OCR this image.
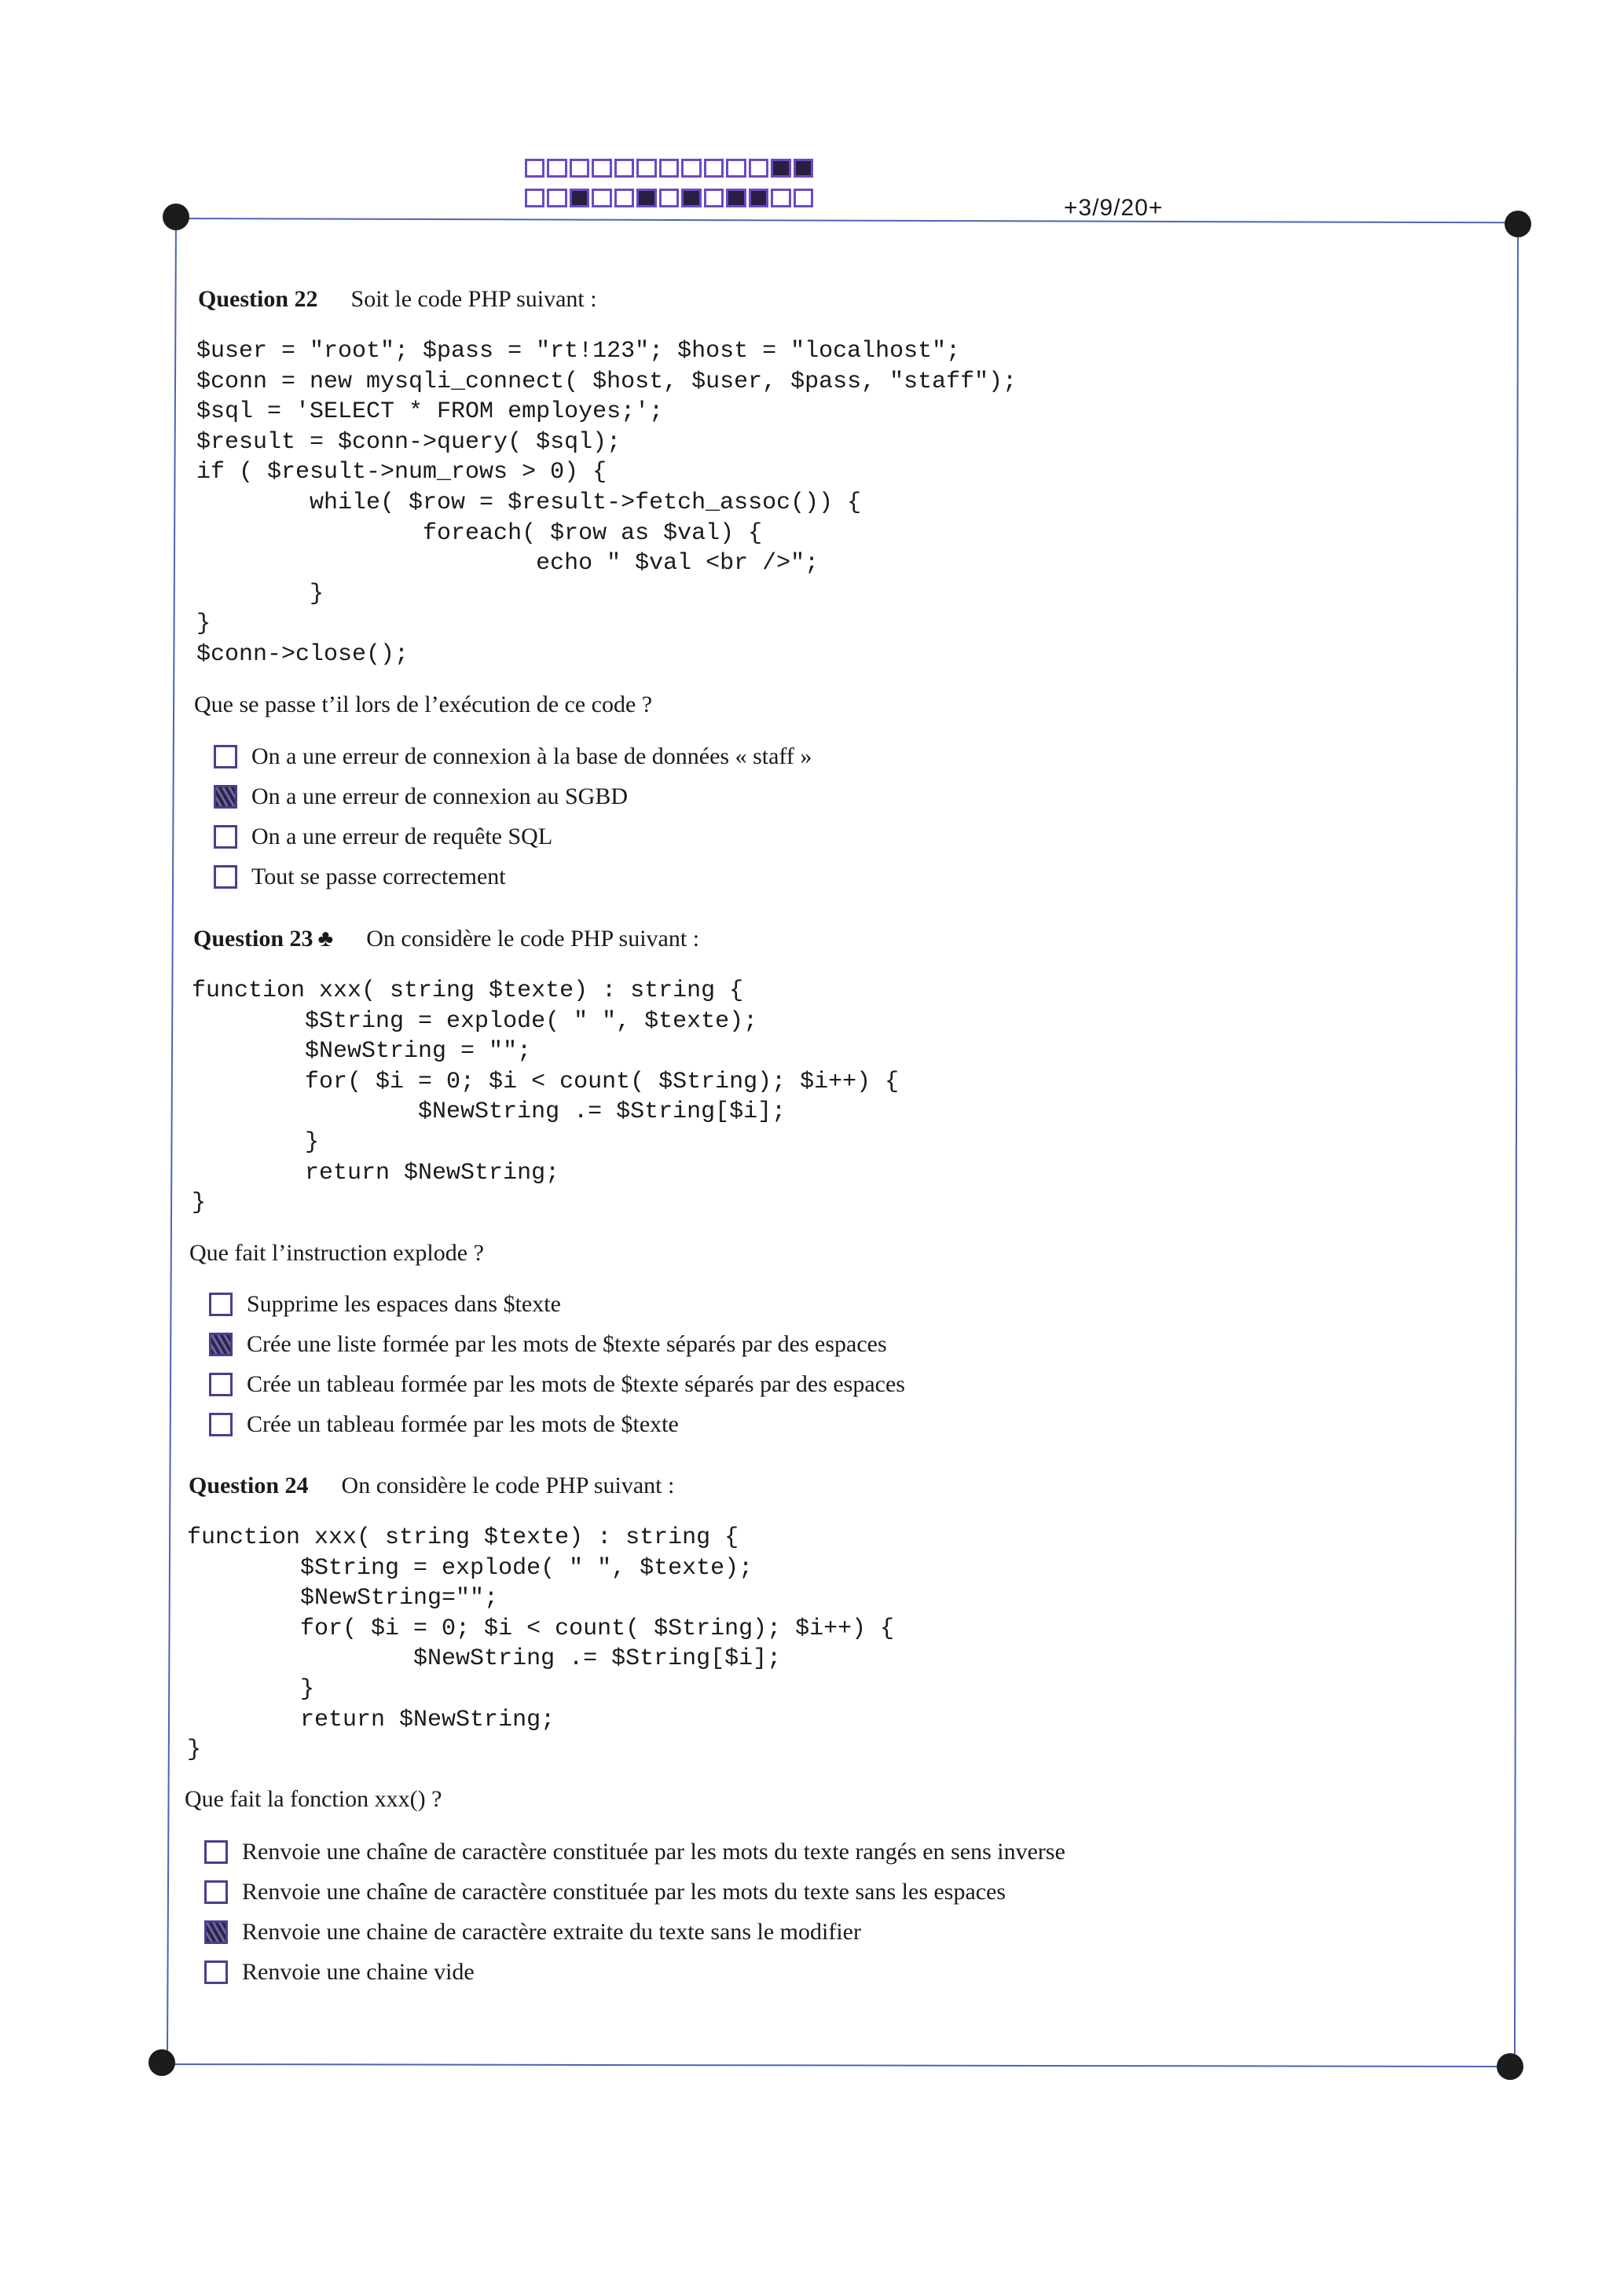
+3/9/20+
Question 22 Soit le code PHP suivant :
$user = "root"; $pass = "rt!123"; $host = "localhost";
$conn = new mysqli_connect( $host, $user, $pass, "staff");
$sql = 'SELECT * FROM employes;';
$result = $conn->query( $sql);
if ( $result->num_rows > 0) {
while( $row = $result->fetch_assoc()) {
foreach( $row as $val) {
echo " $val <br />";
}
}
$conn->close();
Que se passe t’il lors de l’exécution de ce code ?
On a une erreur de connexion à la base de données « staff »
On a une erreur de connexion au SGBD
On a une erreur de requête SQL
Tout se passe correctement
Question 23 ♣ On considère le code PHP suivant :
function xxx( string $texte) : string {
$String = explode( " ", $texte);
$NewString = "";
for( $i = 0; $i < count( $String); $i++) {
$NewString .= $String[$i];
}
return $NewString;
}
Que fait l’instruction explode ?
Supprime les espaces dans $texte
Crée une liste formée par les mots de $texte séparés par des espaces
Crée un tableau formée par les mots de $texte séparés par des espaces
Crée un tableau formée par les mots de $texte
Question 24 On considère le code PHP suivant :
function xxx( string $texte) : string {
$String = explode( " ", $texte);
$NewString="";
for( $i = 0; $i < count( $String); $i++) {
$NewString .= $String[$i];
}
return $NewString;
}
Que fait la fonction xxx() ?
Renvoie une chaîne de caractère constituée par les mots du texte rangés en sens inverse
Renvoie une chaîne de caractère constituée par les mots du texte sans les espaces
Renvoie une chaine de caractère extraite du texte sans le modifier
Renvoie une chaine vide
